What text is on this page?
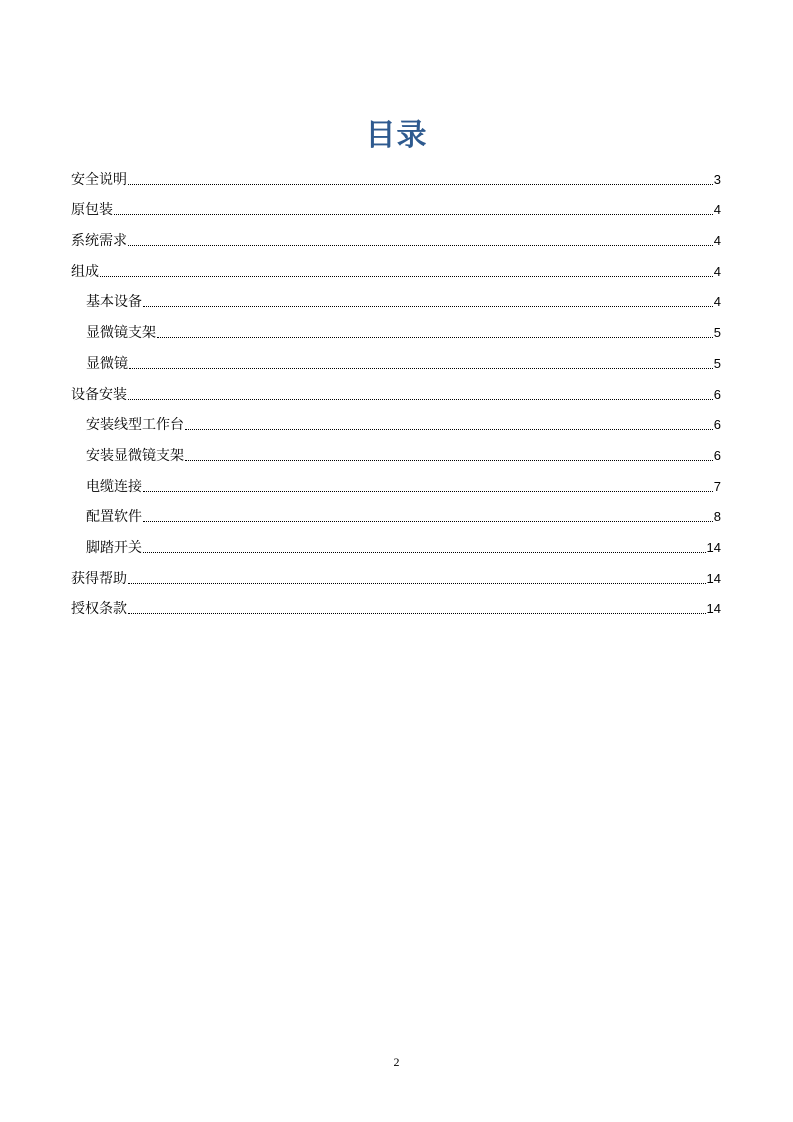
目录
安全说明	3
原包装	4
系统需求	4
组成	4
基本设备	4
显微镜支架	5
显微镜	5
设备安装	6
安装线型工作台	6
安装显微镜支架	6
电缆连接	7
配置软件	8
脚踏开关	14
获得帮助	14
授权条款	14
2
